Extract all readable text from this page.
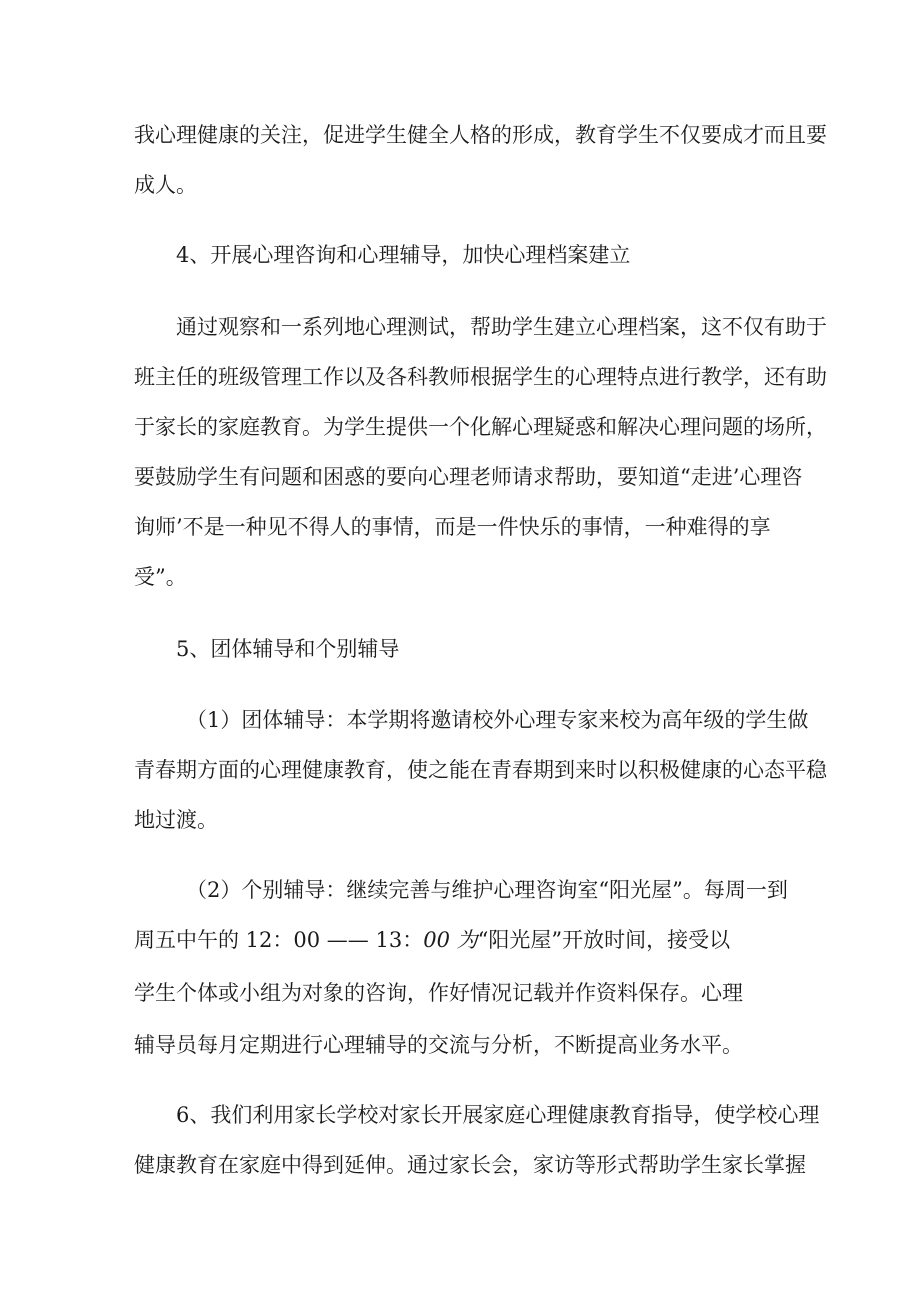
我心理健康的关注，促进学生健全人格的形成，教育学生不仅要成才而且要

成人。

4、开展心理咨询和心理辅导，加快心理档案建立

通过观察和一系列地心理测试，帮助学生建立心理档案，这不仅有助于

班主任的班级管理工作以及各科教师根据学生的心理特点进行教学，还有助

于家长的家庭教育。为学生提供一个化解心理疑惑和解决心理问题的场所，

要鼓励学生有问题和困惑的要向心理老师请求帮助，要知道“走进’心理咨

询师’不是一种见不得人的事情，而是一件快乐的事情，一种难得的享

受”。

5、团体辅导和个别辅导

（1）团体辅导：本学期将邀请校外心理专家来校为高年级的学生做

青春期方面的心理健康教育，使之能在青春期到来时以积极健康的心态平稳

地过渡。

（2）个别辅导：继续完善与维护心理咨询室“阳光屋”。每周一到

周五中午的 12：00 —— 13：00 为“阳光屋”开放时间，接受以

学生个体或小组为对象的咨询，作好情况记载并作资料保存。心理

辅导员每月定期进行心理辅导的交流与分析，不断提高业务水平。

6、我们利用家长学校对家长开展家庭心理健康教育指导，使学校心理

健康教育在家庭中得到延伸。通过家长会，家访等形式帮助学生家长掌握
